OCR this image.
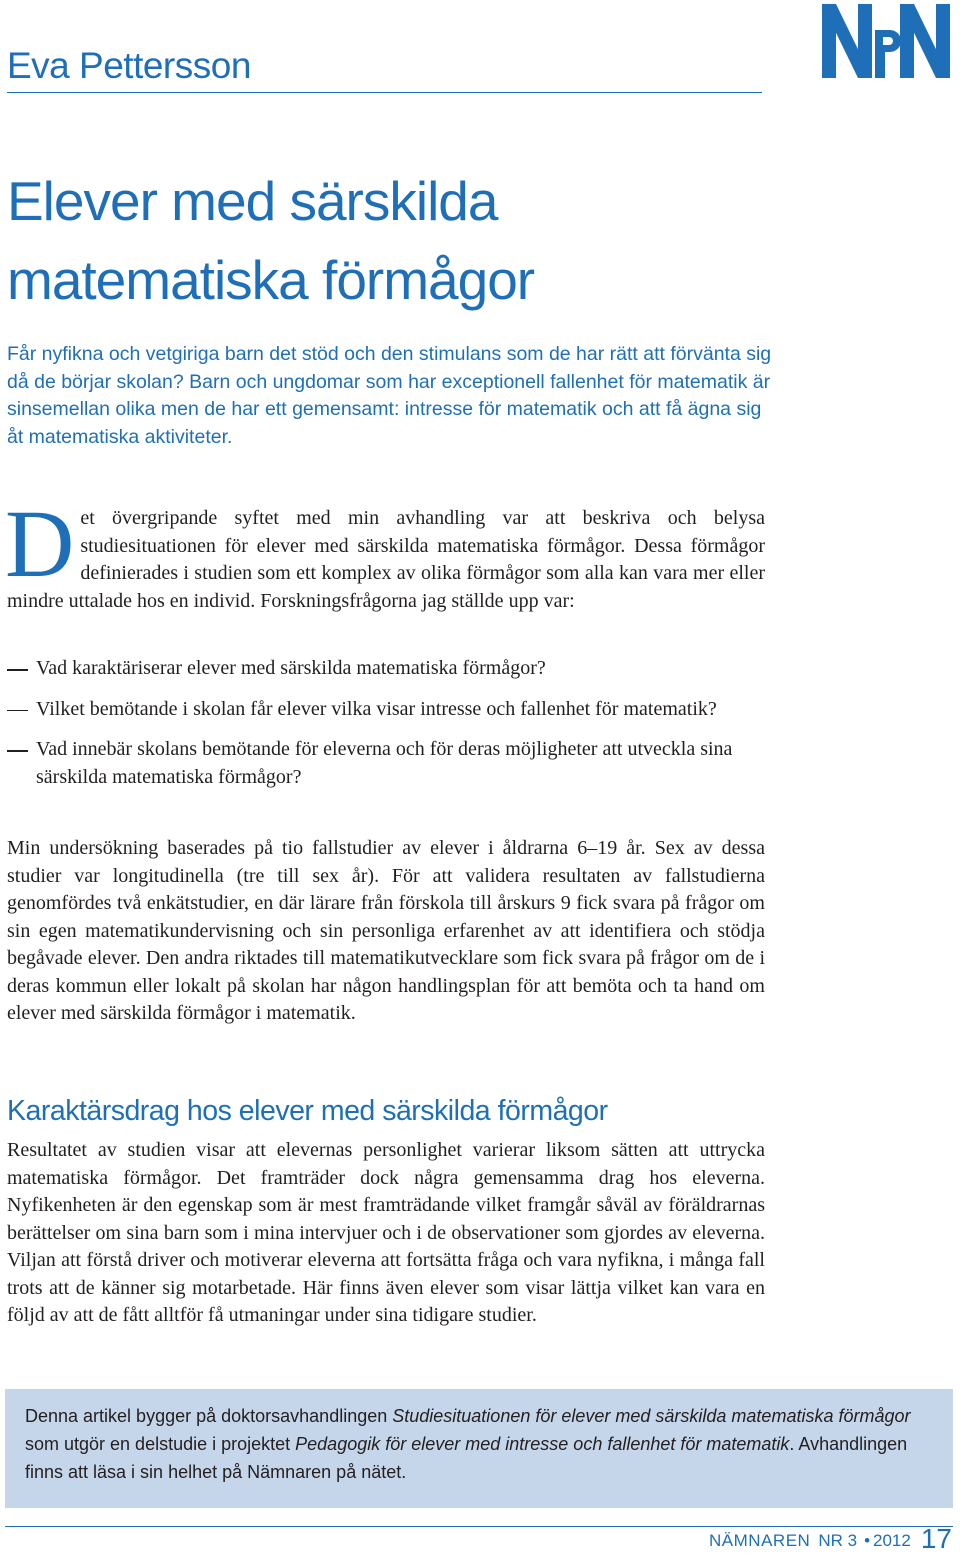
Eva Pettersson
Elever med särskilda
matematiska förmågor

Får nyfikna och vetgiriga barn det stöd och den stimulans som de har rätt att förvänta sig då de börjar skolan? Barn och ungdomar som har exceptionell fallenhet för matematik är sinsemellan olika men de har ett gemensamt: intresse för matematik och att få ägna sig åt matematiska aktiviteter.

Det övergripande syftet med min avhandling var att beskriva och belysa studiesituationen för elever med särskilda matematiska förmågor. Dessa förmågor definierades i studien som ett komplex av olika förmågor som alla kan vara mer eller mindre uttalade hos en individ. Forskningsfrågorna jag ställde upp var:

Vad karaktäriserar elever med särskilda matematiska förmågor?
Vilket bemötande i skolan får elever vilka visar intresse och fallenhet för matematik?
Vad innebär skolans bemötande för eleverna och för deras möjligheter att utveckla sina särskilda matematiska förmågor?

Min undersökning baserades på tio fallstudier av elever i åldrarna 6–19 år. Sex av dessa studier var longitudinella (tre till sex år). För att validera resultaten av fallstudierna genomfördes två enkätstudier, en där lärare från förskola till årskurs 9 fick svara på frågor om sin egen matematikundervisning och sin personliga erfarenhet av att identifiera och stödja begåvade elever. Den andra riktades till matematikutvecklare som fick svara på frågor om de i deras kommun eller lokalt på skolan har någon handlingsplan för att bemöta och ta hand om elever med särskilda förmågor i matematik.

Karaktärsdrag hos elever med särskilda förmågor

Resultatet av studien visar att elevernas personlighet varierar liksom sätten att uttrycka matematiska förmågor. Det framträder dock några gemensamma drag hos eleverna. Nyfikenheten är den egenskap som är mest framträdande vilket framgår såväl av föräldrarnas berättelser om sina barn som i mina intervjuer och i de observationer som gjordes av eleverna. Viljan att förstå driver och motiverar eleverna att fortsätta fråga och vara nyfikna, i många fall trots att de känner sig motarbetade. Här finns även elever som visar lättja vilket kan vara en följd av att de fått alltför få utmaningar under sina tidigare studier.

Denna artikel bygger på doktorsavhandlingen Studiesituationen för elever med särskilda matematiska förmågor som utgör en delstudie i projektet Pedagogik för elever med intresse och fallenhet för matematik. Avhandlingen finns att läsa i sin helhet på Nämnaren på nätet.

NÄMNAREN NR 3 • 2012 17
